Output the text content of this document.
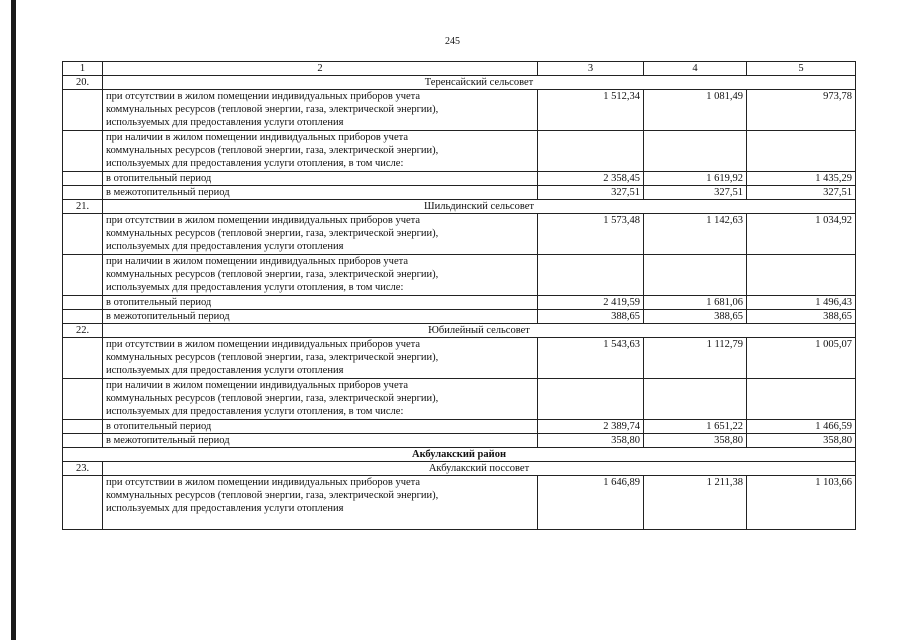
245
1	2	3	4	5
20.	Теренсайский сельсовет			

	при отсутствии в жилом помещении индивидуальных приборов учета
коммунальных ресурсов (тепловой энергии, газа, электрической энергии),
используемых для предоставления услуги отопления	1 512,34	1 081,49	973,78

	при наличии в жилом помещении индивидуальных приборов учета
коммунальных ресурсов (тепловой энергии, газа, электрической энергии),
используемых для предоставления услуги отопления, в том числе:			

	в отопительный период	2 358,45	1 619,92	1 435,29

	в межотопительный период	327,51	327,51	327,51
21.	Шильдинский сельсовет			

	при отсутствии в жилом помещении индивидуальных приборов учета
коммунальных ресурсов (тепловой энергии, газа, электрической энергии),
используемых для предоставления услуги отопления	1 573,48	1 142,63	1 034,92

	при наличии в жилом помещении индивидуальных приборов учета
коммунальных ресурсов (тепловой энергии, газа, электрической энергии),
используемых для предоставления услуги отопления, в том числе:			

	в отопительный период	2 419,59	1 681,06	1 496,43

	в межотопительный период	388,65	388,65	388,65
22.	Юбилейный сельсовет			

	при отсутствии в жилом помещении индивидуальных приборов учета
коммунальных ресурсов (тепловой энергии, газа, электрической энергии),
используемых для предоставления услуги отопления	1 543,63	1 112,79	1 005,07

	при наличии в жилом помещении индивидуальных приборов учета
коммунальных ресурсов (тепловой энергии, газа, электрической энергии),
используемых для предоставления услуги отопления, в том числе:			

	в отопительный период	2 389,74	1 651,22	1 466,59

	в межотопительный период	358,80	358,80	358,80
Акбулакский район				
23.	Акбулакский поссовет			

	при отсутствии в жилом помещении индивидуальных приборов учета
коммунальных ресурсов (тепловой энергии, газа, электрической энергии),
используемых для предоставления услуги отопления	1 646,89	1 211,38	1 103,66
